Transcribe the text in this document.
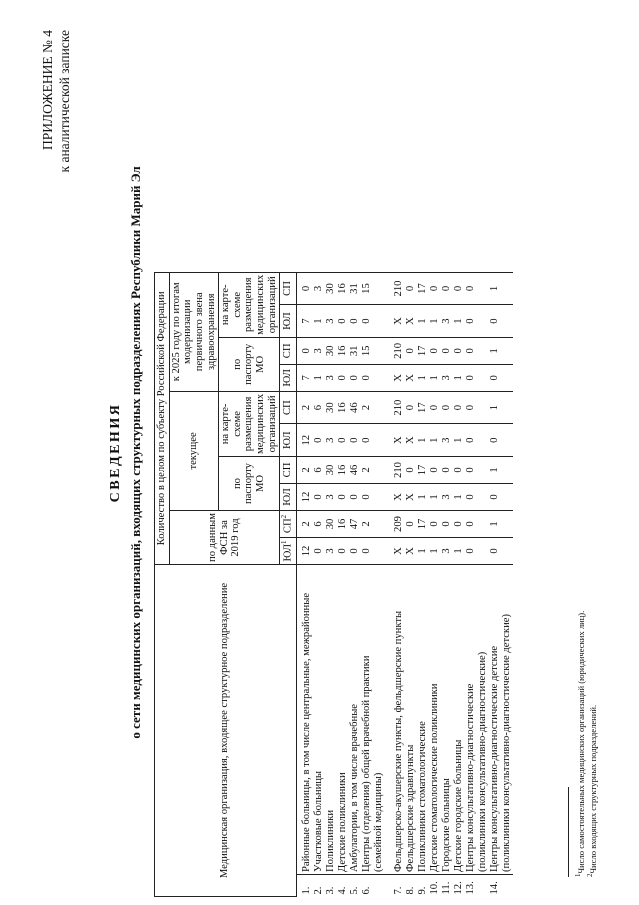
ПРИЛОЖЕНИЕ № 4 к аналитической записке
СВЕДЕНИЯ о сети медицинских организаций, входящих структурных подразделениях Республики Марий Эл	Медицинская организация, входящее структурное подразделение		Количество в целом по субъекту Российской Федерации									
		по данным ФСН за 2019 год		текущее				к 2025 году по итогам модернизации первичного звена здравоохранения			
				по паспорту МО		на карте-схеме размещения медицинских организаций		по паспорту МО		на карте-схеме размещения медицинских организаций	
		$ЮЛ^1$	$СП^2$	ЮЛ	СП	ЮЛ	СП	ЮЛ	СП	ЮЛ	СП
1.	Районные больницы, в том числе центральные, межрайонные	12	2	12	2	12	2	7	0	7	0
2.	Участковые больницы	0	6	0	6	0	6	1	3	1	3
3.	Поликлиники	3	30	3	30	3	30	3	30	3	30
4.	Детские поликлиники	0	16	0	16	0	16	0	16	0	16
5.	Амбулатории, в том числе врачебные	0	47	0	46	0	46	0	31	0	31
6.	Центры (отделения) общей врачебной практики	0	2	0	2	0	2	0	15	0	15
	(семейной медицины)										

7.	Фельдшерско-акушерские пункты, фельдшерские пункты	X	209	X	210	X	210	X	210	X	210
8.	Фельдшерские здравпункты	X	0	X	0	X	0	X	0	X	0
9.	Поликлиники стоматологические	1	17	1	17	1	17	1	17	1	17
10.	Детские стоматологические поликлиники	1	0	1	0	1	0	1	0	1	0
11.	Городские больницы	3	0	3	0	3	0	3	0	3	0
12.	Детские городские больницы	1	0	1	0	1	0	1	0	1	0
13.	Центры консультативно-диагностические	0	0	0	0	0	0	0	0	0	0
	(поликлиники консультативно-диагностические)										
14.	Центры консультативно-диагностические детские	0	1	0	1	0	1	0	1	0	1
	(поликлиники консультативно-диагностические детские)										
$^1$Число самостоятельных медицинских организаций (юридических лиц).
$^2$Число входящих структурных подразделений.
